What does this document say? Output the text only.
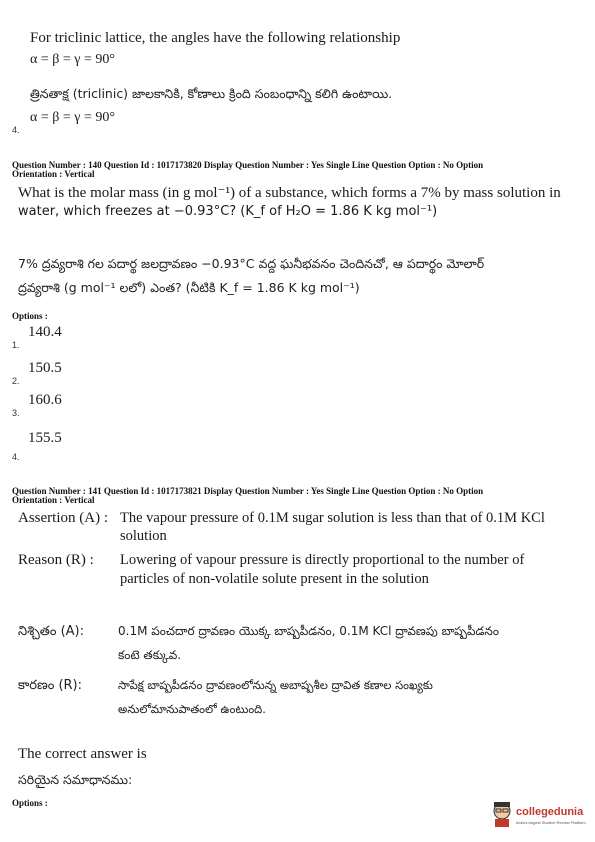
For triclinic lattice, the angles have the following relationship
α = β = γ = 90°
త్రినతాక్ష (triclinic) జాలకానికి, కోణాలు క్రింది సంబంధాన్ని కలిగి ఉంటాయి.
4.
α = β = γ = 90°
Question Number : 140 Question Id : 1017173820 Display Question Number : Yes Single Line Question Option : No Option
Orientation : Vertical
What is the molar mass (in g mol⁻¹) of a substance, which forms a 7% by mass solution in
water, which freezes at −0.93°C? (K_f of H₂O = 1.86 K kg mol⁻¹)
7% ద్రవ్యరాశి గల పదార్థ జలద్రావణం −0.93°C వద్ద ఘనీభవనం చెందినచో, ఆ పదార్థం మోలార్
ద్రవ్యరాశి (g mol⁻¹ లలో) ఎంత? (నీటికి K_f = 1.86 K kg mol⁻¹)
Options :
140.4
1.
150.5
2.
160.6
3.
155.5
4.
Question Number : 141 Question Id : 1017173821 Display Question Number : Yes Single Line Question Option : No Option
Orientation : Vertical
Assertion (A) : The vapour pressure of 0.1M sugar solution is less than that of 0.1M KCl
solution
Reason (R) : Lowering of vapour pressure is directly proportional to the number of
particles of non-volatile solute present in the solution
నిశ్చితం (A):	0.1M పంచదార ద్రావణం యొక్క బాష్పపీడనం, 0.1M KCl ద్రావణపు బాష్పపీడనం
కంటె తక్కువ.
కారణం (R):	సాపేక్ష బాష్పపీడనం ద్రావణంలోనున్న అబాష్పశీల ద్రావిత కణాల సంఖ్యకు
అనులోమానుపాతంలో ఉంటుంది.
The correct answer is
సరియైన సమాధానము:
Options :
collegedunia
India's largest Student Review Platform
